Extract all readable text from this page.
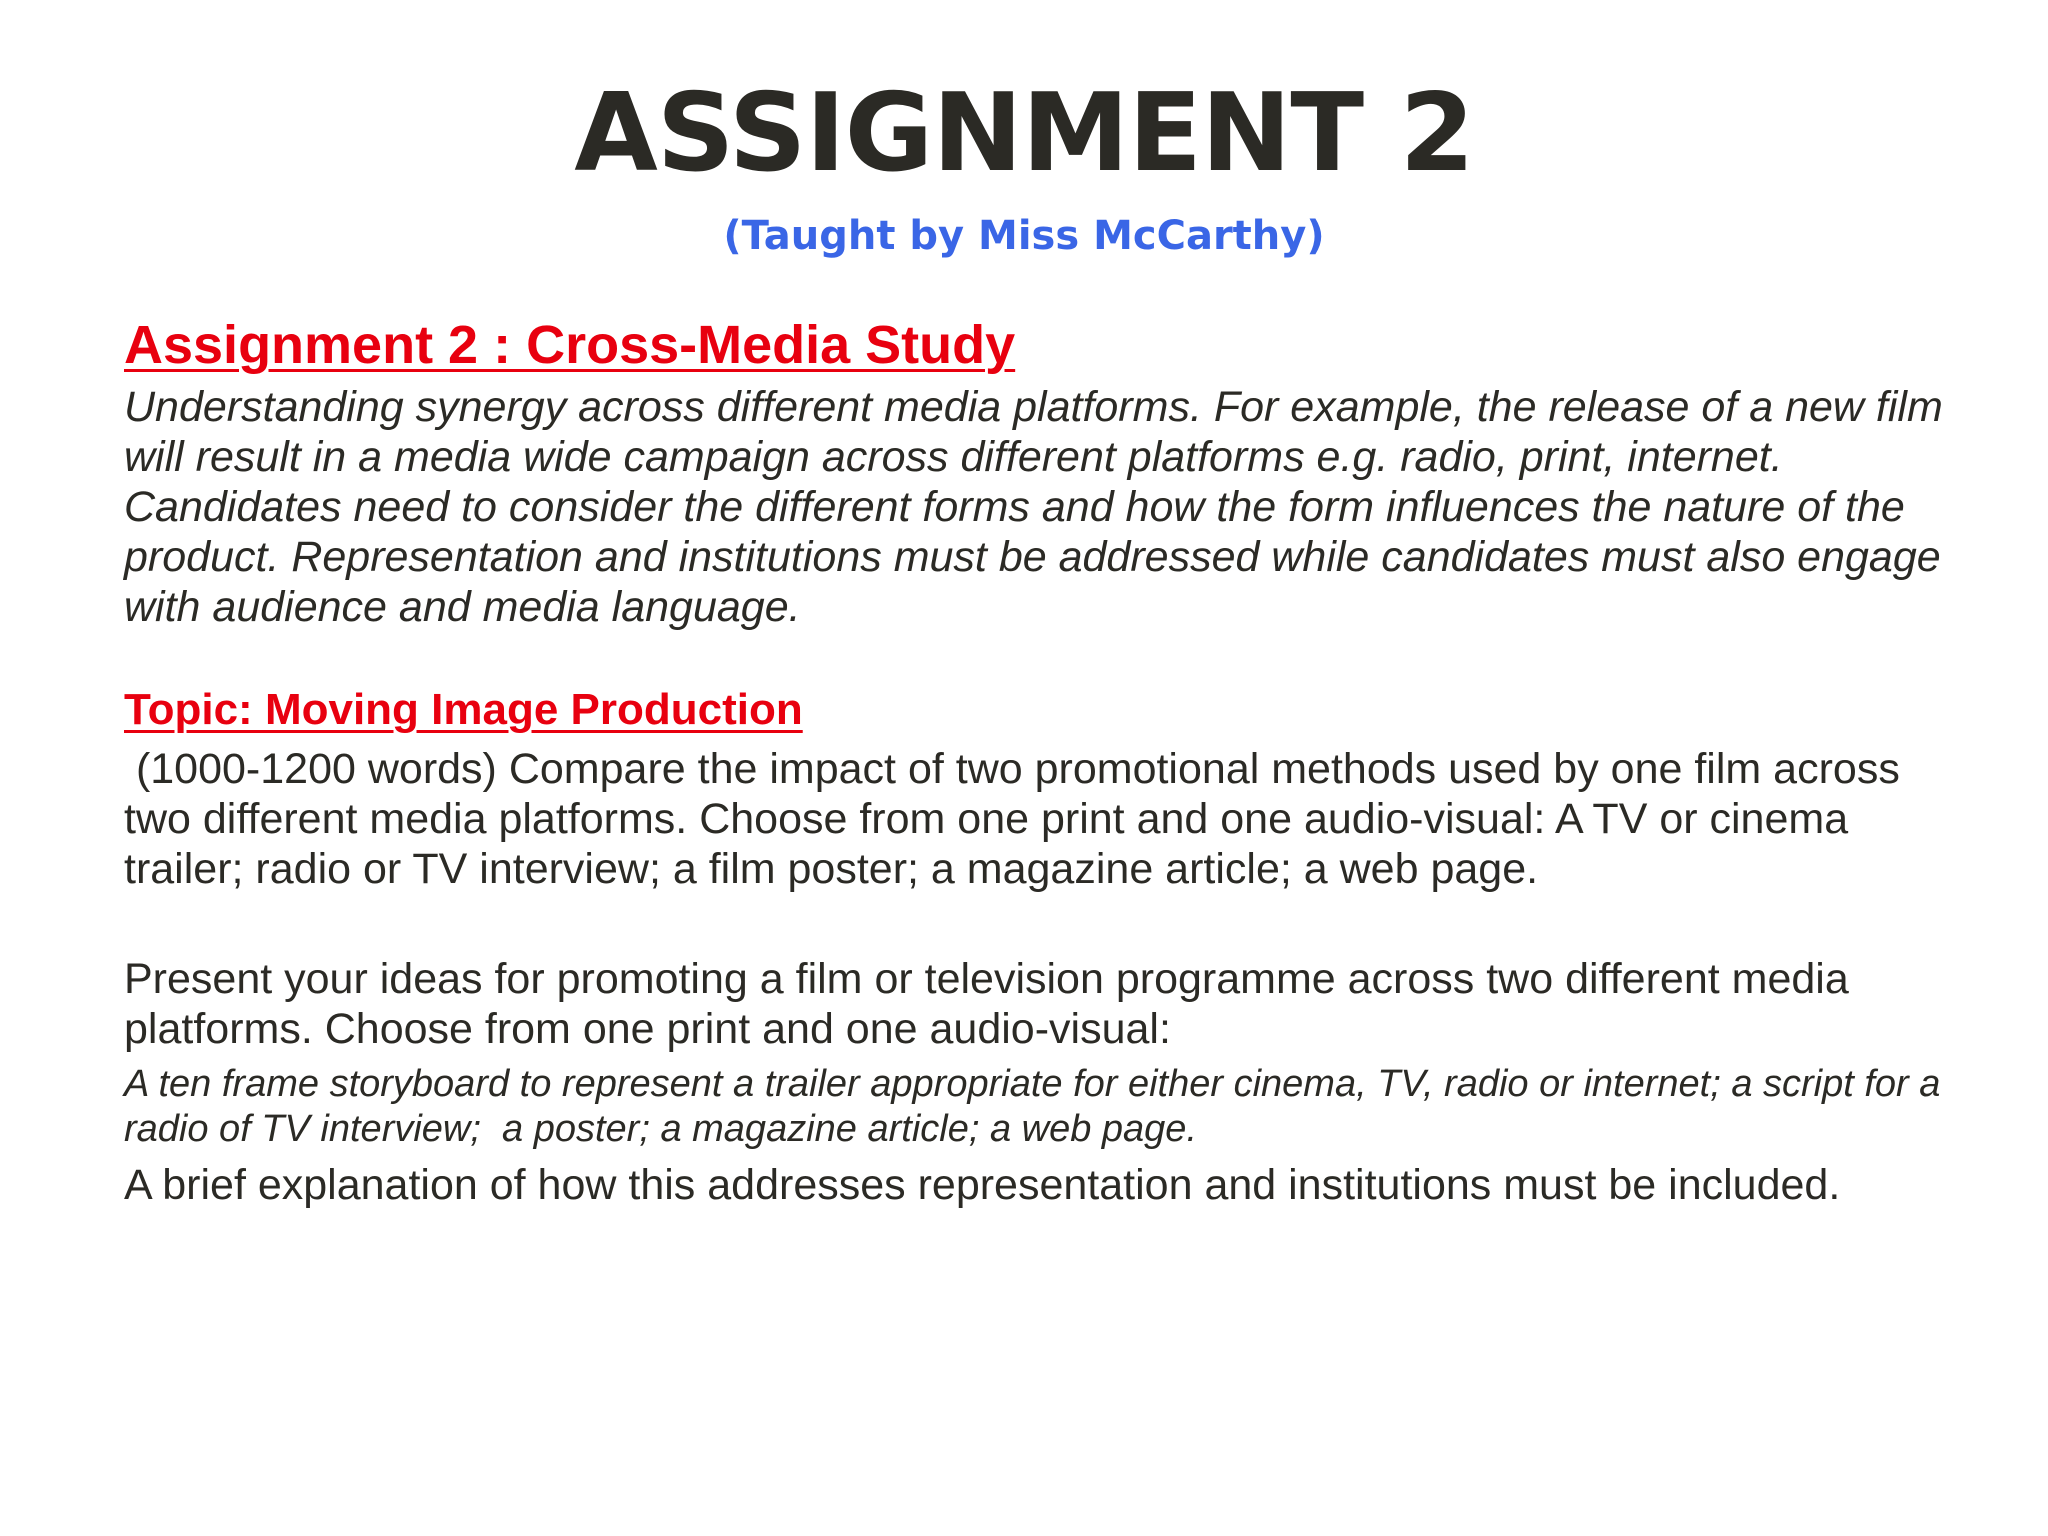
ASSIGNMENT 2

(Taught by Miss McCarthy)

Assignment 2 : Cross-Media Study

Understanding synergy across different media platforms. For example, the release of a new film will result in a media wide campaign across different platforms e.g. radio, print, internet. Candidates need to consider the different forms and how the form influences the nature of the product. Representation and institutions must be addressed while candidates must also engage with audience and media language.

Topic: Moving Image Production

(1000-1200 words) Compare the impact of two promotional methods used by one film across two different media platforms. Choose from one print and one audio-visual: A TV or cinema trailer; radio or TV interview; a film poster; a magazine article; a web page.

Present your ideas for promoting a film or television programme across two different media platforms. Choose from one print and one audio-visual:

A ten frame storyboard to represent a trailer appropriate for either cinema, TV, radio or internet; a script for a radio of TV interview;  a poster; a magazine article; a web page.

A brief explanation of how this addresses representation and institutions must be included.
